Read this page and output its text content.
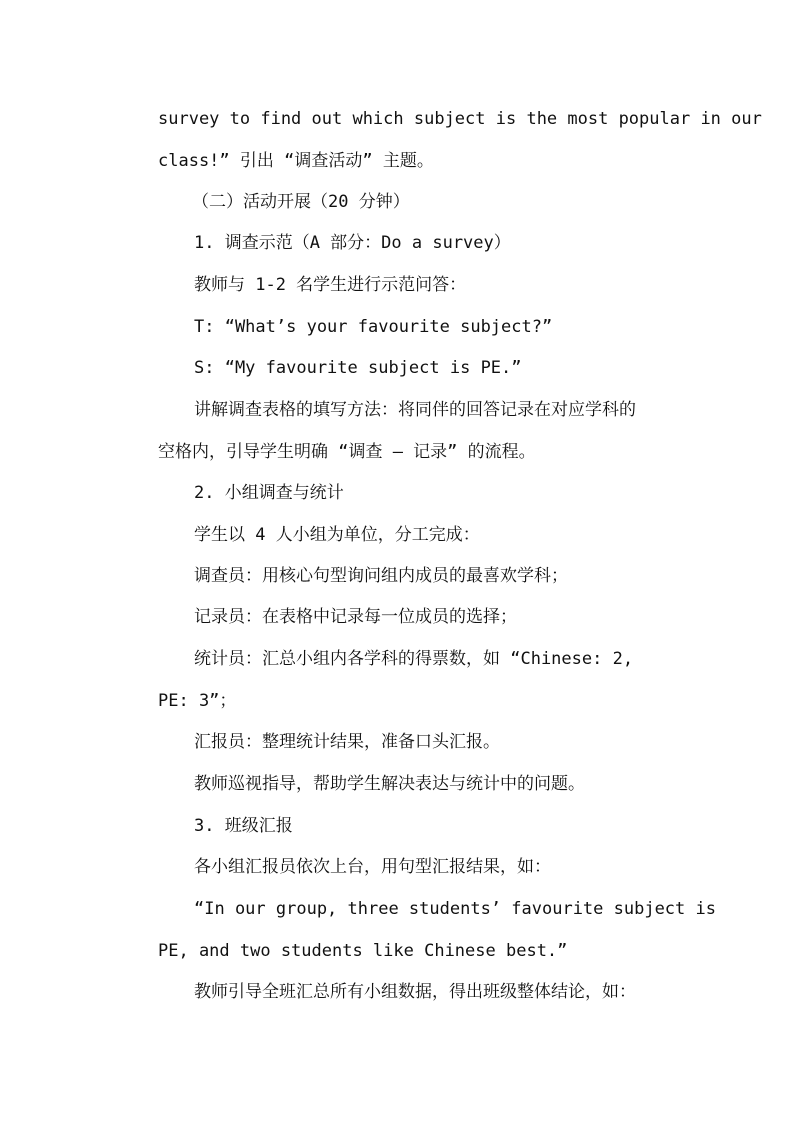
survey to find out which subject is the most popular in our
class!” 引出 “调查活动” 主题。
（二）活动开展（20 分钟）
1. 调查示范（A 部分：Do a survey）
教师与 1-2 名学生进行示范问答：
T: “What’s your favourite subject?”
S: “My favourite subject is PE.”
讲解调查表格的填写方法：将同伴的回答记录在对应学科的
空格内，引导学生明确 “调查 — 记录” 的流程。
2. 小组调查与统计
学生以 4 人小组为单位，分工完成：
调查员：用核心句型询问组内成员的最喜欢学科；
记录员：在表格中记录每一位成员的选择；
统计员：汇总小组内各学科的得票数，如 “Chinese: 2,
PE: 3”；
汇报员：整理统计结果，准备口头汇报。
教师巡视指导，帮助学生解决表达与统计中的问题。
3. 班级汇报
各小组汇报员依次上台，用句型汇报结果，如：
“In our group, three students’ favourite subject is
PE, and two students like Chinese best.”
教师引导全班汇总所有小组数据，得出班级整体结论，如：
